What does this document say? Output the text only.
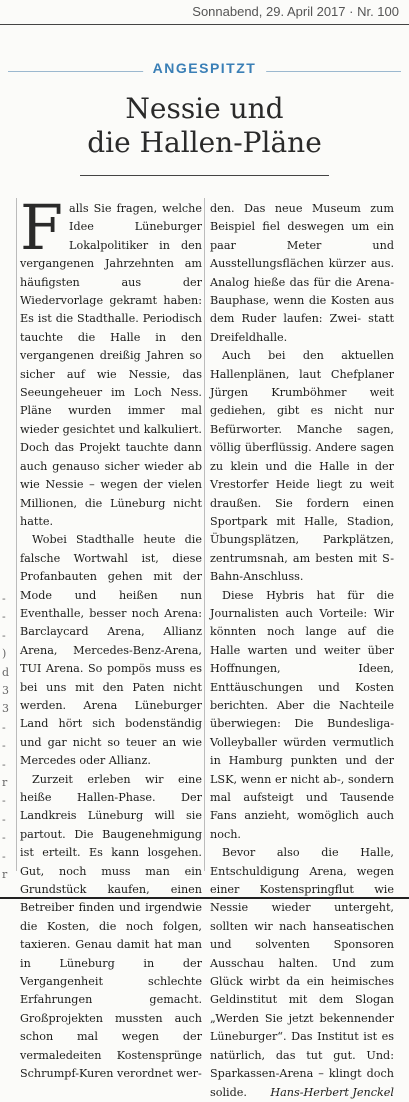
Sonnabend, 29. April 2017 · Nr. 100
ANGESPITZT
Nessie und
die Hallen-Pläne

Falls Sie fragen, welche Idee Lüneburger Lokalpolitiker in den vergangenen Jahrzehnten am häufigsten aus der Wiedervorlage gekramt haben: Es ist die Stadthalle. Periodisch tauchte die Halle in den vergangenen dreißig Jahren so sicher auf wie Nessie, das Seeungeheuer im Loch Ness. Pläne wurden immer mal wieder gesichtet und kalkuliert. Doch das Projekt tauchte dann auch genauso sicher wieder ab wie Nessie – wegen der vielen Millionen, die Lüneburg nicht hatte.

Wobei Stadthalle heute die falsche Wortwahl ist, diese Profanbauten gehen mit der Mode und heißen nun Eventhalle, besser noch Arena: Barclaycard Arena, Allianz Arena, Mercedes-Benz-Arena, TUI Arena. So pompös muss es bei uns mit den Paten nicht werden. Arena Lüneburger Land hört sich bodenständig und gar nicht so teuer an wie Mercedes oder Allianz.

Zurzeit erleben wir eine heiße Hallen-Phase. Der Landkreis Lüneburg will sie partout. Die Baugenehmigung ist erteilt. Es kann losgehen. Gut, noch muss man ein Grundstück kaufen, einen Betreiber finden und irgendwie die Kosten, die noch folgen, taxieren. Genau damit hat man in Lüneburg in der Vergangenheit schlechte Erfahrungen gemacht. Großprojekten mussten auch schon mal wegen der vermaledeiten Kostensprünge Schrumpf-Kuren verordnet wer-

den. Das neue Museum zum Beispiel fiel deswegen um ein paar Meter und Ausstellungsflächen kürzer aus. Analog hieße das für die Arena-Bauphase, wenn die Kosten aus dem Ruder laufen: Zwei- statt Dreifeldhalle.

Auch bei den aktuellen Hallenplänen, laut Chefplaner Jürgen Krumböhmer weit gediehen, gibt es nicht nur Befürworter. Manche sagen, völlig überflüssig. Andere sagen zu klein und die Halle in der Vrestorfer Heide liegt zu weit draußen. Sie fordern einen Sportpark mit Halle, Stadion, Übungsplätzen, Parkplätzen, zentrumsnah, am besten mit S-Bahn-Anschluss.

Diese Hybris hat für die Journalisten auch Vorteile: Wir könnten noch lange auf die Halle warten und weiter über Hoffnungen, Ideen, Enttäuschungen und Kosten berichten. Aber die Nachteile überwiegen: Die Bundesliga-Volleyballer würden vermutlich in Hamburg punkten und der LSK, wenn er nicht ab-, sondern mal aufsteigt und Tausende Fans anzieht, womöglich auch noch.

Bevor also die Halle, Entschuldigung Arena, wegen einer Kostenspringflut wie Nessie wieder untergeht, sollten wir nach hanseatischen und solventen Sponsoren Ausschau halten. Und zum Glück wirbt da ein heimisches Geldinstitut mit dem Slogan „Werden Sie jetzt bekennender Lüneburger“. Das Institut ist es natürlich, das tut gut. Und: Sparkassen-Arena – klingt doch solide.	Hans-Herbert Jenckel

-
-
-
)
d
3
3
-
-
-
r
-
-
-
-
r
